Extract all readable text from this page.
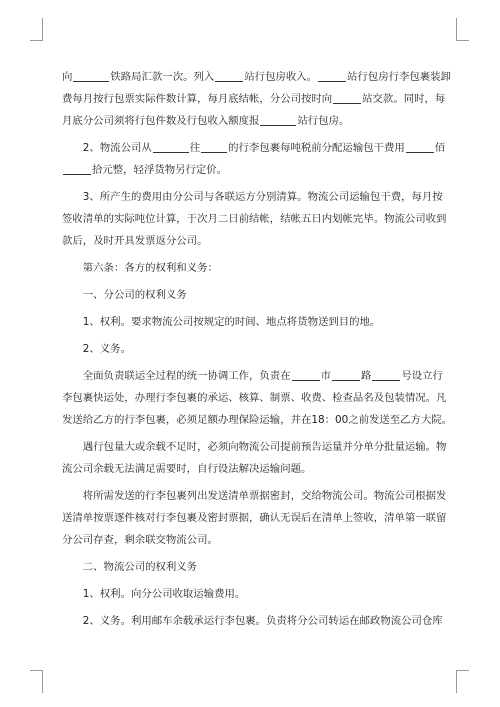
向	铁路局汇款一次。列入	站行包房收入。	站行包房行李包裹装卸

费每月按行包票实际件数计算，每月底结帐，分公司按时向	站交款。同时，每

月底分公司须将行包件数及行包收入额度报	站行包房。

  2、物流公司从	往	的行李包裹每吨税前分配运输包干费用	佰

拾元整，轻浮货物另行定价。

  3、所产生的费用由分公司与各联运方分别清算。物流公司运输包干费，每月按

签收清单的实际吨位计算，于次月二日前结帐，结帐五日内划帐完毕。物流公司收到

款后，及时开具发票返分公司。

  第六条：各方的权利和义务：

  一、分公司的权利义务

  1、权利。要求物流公司按规定的时间、地点将货物送到目的地。

  2、义务。

  全面负责联运全过程的统一协调工作，负责在	市	路	号设立行

李包裹快运处，办理行李包裹的承运、核算、制票、收费、检查品名及包装情况。凡

发送给乙方的行李包裹，必须足额办理保险运输，并在18：00之前发送至乙方大院。

  遇行包量大或余载不足时，必须向物流公司提前预告运量并分单分批量运输。物

流公司余载无法满足需要时，自行设法解决运输问题。

  将所需发送的行李包裹列出发送清单票据密封，交给物流公司。物流公司根据发

送清单按票逐件核对行李包裹及密封票据，确认无误后在清单上签收，清单第一联留

分公司存查，剩余联交物流公司。

  二、物流公司的权利义务

  1、权利。向分公司收取运输费用。

  2、义务。利用邮车余载承运行李包裹。负责将分公司转运在邮政物流公司仓库
